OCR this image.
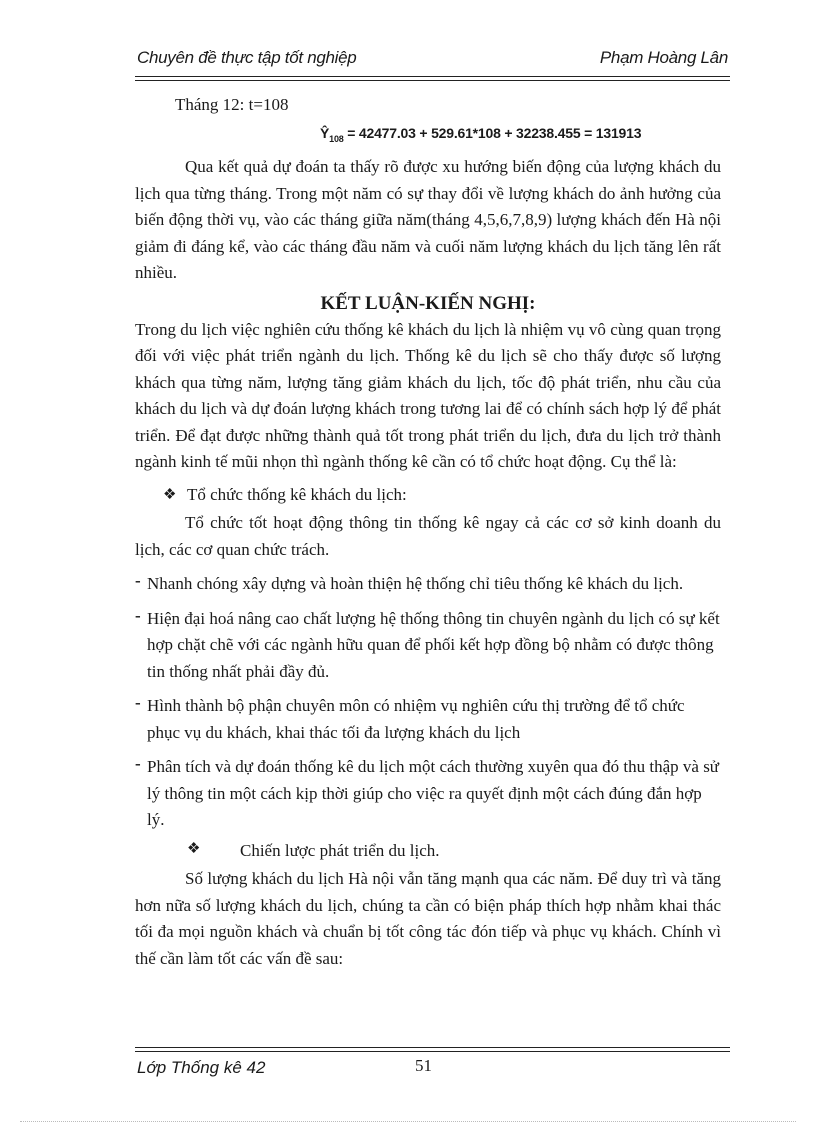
Chuyên đề thực tập tốt nghiệp	Phạm Hoàng Lân

Tháng 12: t=108

$Ŷ_{108} = 42477.03 + 529.61*108 + 32238.455 = 131913$

Qua kết quả dự đoán ta thấy rõ được xu hướng biến động của lượng khách du lịch qua từng tháng. Trong một năm có sự thay đổi về lượng khách do ảnh hưởng của biến động thời vụ, vào các tháng giữa năm(tháng 4,5,6,7,8,9) lượng khách đến Hà nội giảm đi đáng kể, vào các tháng đầu năm và cuối năm lượng khách du lịch tăng lên rất nhiều.

KẾT LUẬN-KIẾN NGHỊ:

Trong du lịch việc nghiên cứu thống kê khách du lịch là nhiệm vụ vô cùng quan trọng đối với việc phát triển ngành du lịch. Thống kê du lịch sẽ cho thấy được số lượng khách qua từng năm, lượng tăng giảm khách du lịch, tốc độ phát triển, nhu cầu của khách du lịch và dự đoán lượng khách trong tương lai để có chính sách hợp lý để phát triển. Để đạt được những thành quả tốt trong phát triển du lịch, đưa du lịch trở thành ngành kinh tế mũi nhọn thì ngành thống kê cần có tổ chức hoạt động. Cụ thể là:

❖ Tổ chức thống kê khách du lịch:

Tổ chức tốt hoạt động thông tin thống kê ngay cả các cơ sở kinh doanh du lịch, các cơ quan chức trách.

- Nhanh chóng xây dựng và hoàn thiện hệ thống chỉ tiêu thống kê khách du lịch.
- Hiện đại hoá nâng cao chất lượng hệ thống thông tin chuyên ngành du lịch có sự kết hợp chặt chẽ với các ngành hữu quan để phối kết hợp đồng bộ nhằm có được thông tin thống nhất phải đầy đủ.
- Hình thành bộ phận chuyên môn có nhiệm vụ nghiên cứu thị trường để tổ chức phục vụ du khách, khai thác tối đa lượng khách du lịch
- Phân tích và dự đoán thống kê du lịch một cách thường xuyên qua đó thu thập và sử lý thông tin một cách kịp thời giúp cho việc ra quyết định một cách đúng đắn hợp lý.
❖ Chiến lược phát triển du lịch.

Số lượng khách du lịch Hà nội vẫn tăng mạnh qua các năm. Để duy trì và tăng hơn nữa số lượng khách du lịch, chúng ta cần có biện pháp thích hợp nhằm khai thác tối đa mọi nguồn khách và chuẩn bị tốt công tác đón tiếp và phục vụ khách. Chính vì thế cần làm tốt các vấn đề sau:

Lớp Thống kê 42	51
